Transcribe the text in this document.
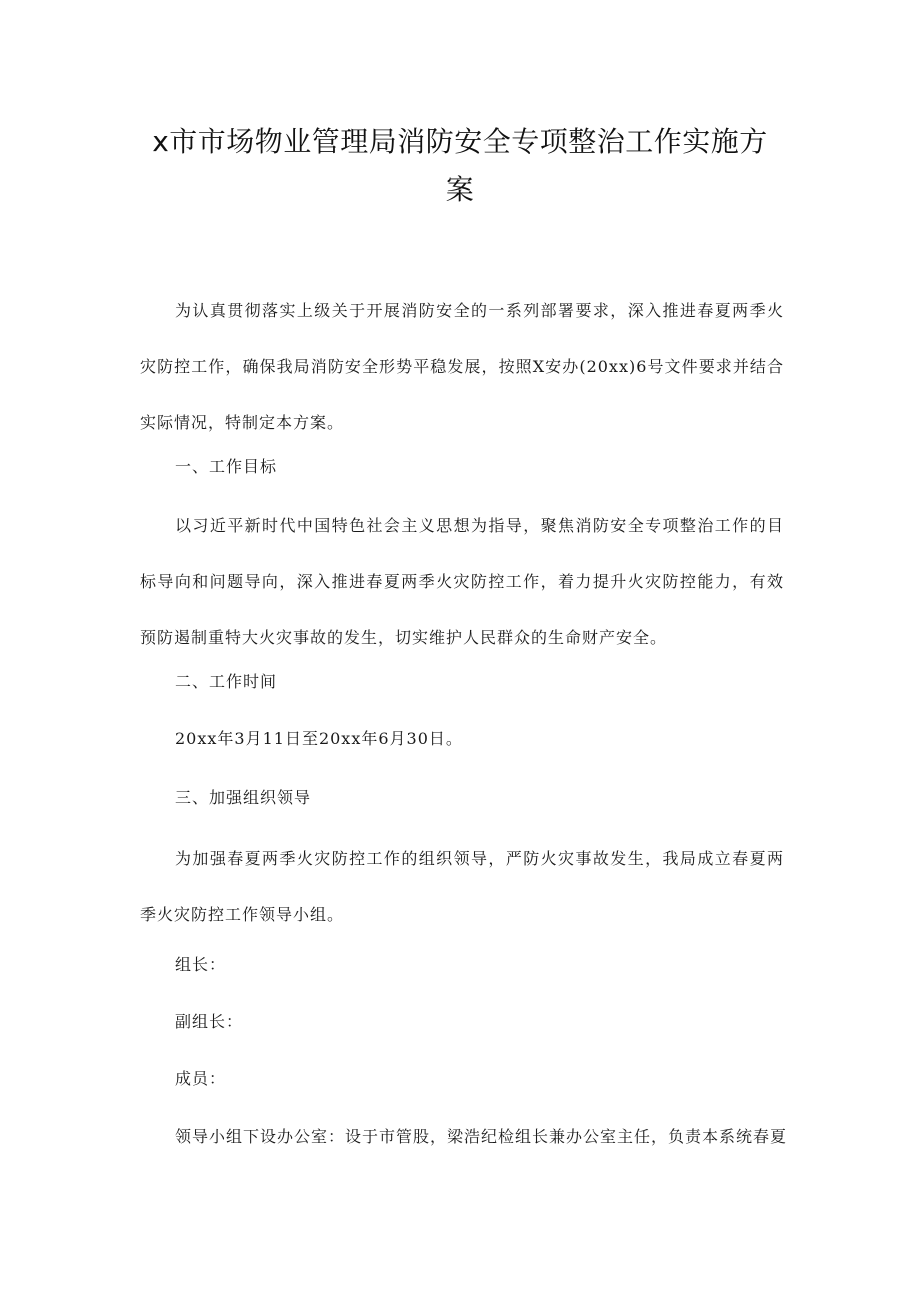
x市市场物业管理局消防安全专项整治工作实施方案

为认真贯彻落实上级关于开展消防安全的一系列部署要求，深入推进春夏两季火灾防控工作，确保我局消防安全形势平稳发展，按照X安办(20xx)6号文件要求并结合实际情况，特制定本方案。

一、工作目标

以习近平新时代中国特色社会主义思想为指导，聚焦消防安全专项整治工作的目标导向和问题导向，深入推进春夏两季火灾防控工作，着力提升火灾防控能力，有效预防遏制重特大火灾事故的发生，切实维护人民群众的生命财产安全。

二、工作时间

20xx年3月11日至20xx年6月30日。

三、加强组织领导

为加强春夏两季火灾防控工作的组织领导，严防火灾事故发生，我局成立春夏两季火灾防控工作领导小组。

组长：

副组长：

成员：

领导小组下设办公室：设于市管股，梁浩纪检组长兼办公室主任，负责本系统春夏
